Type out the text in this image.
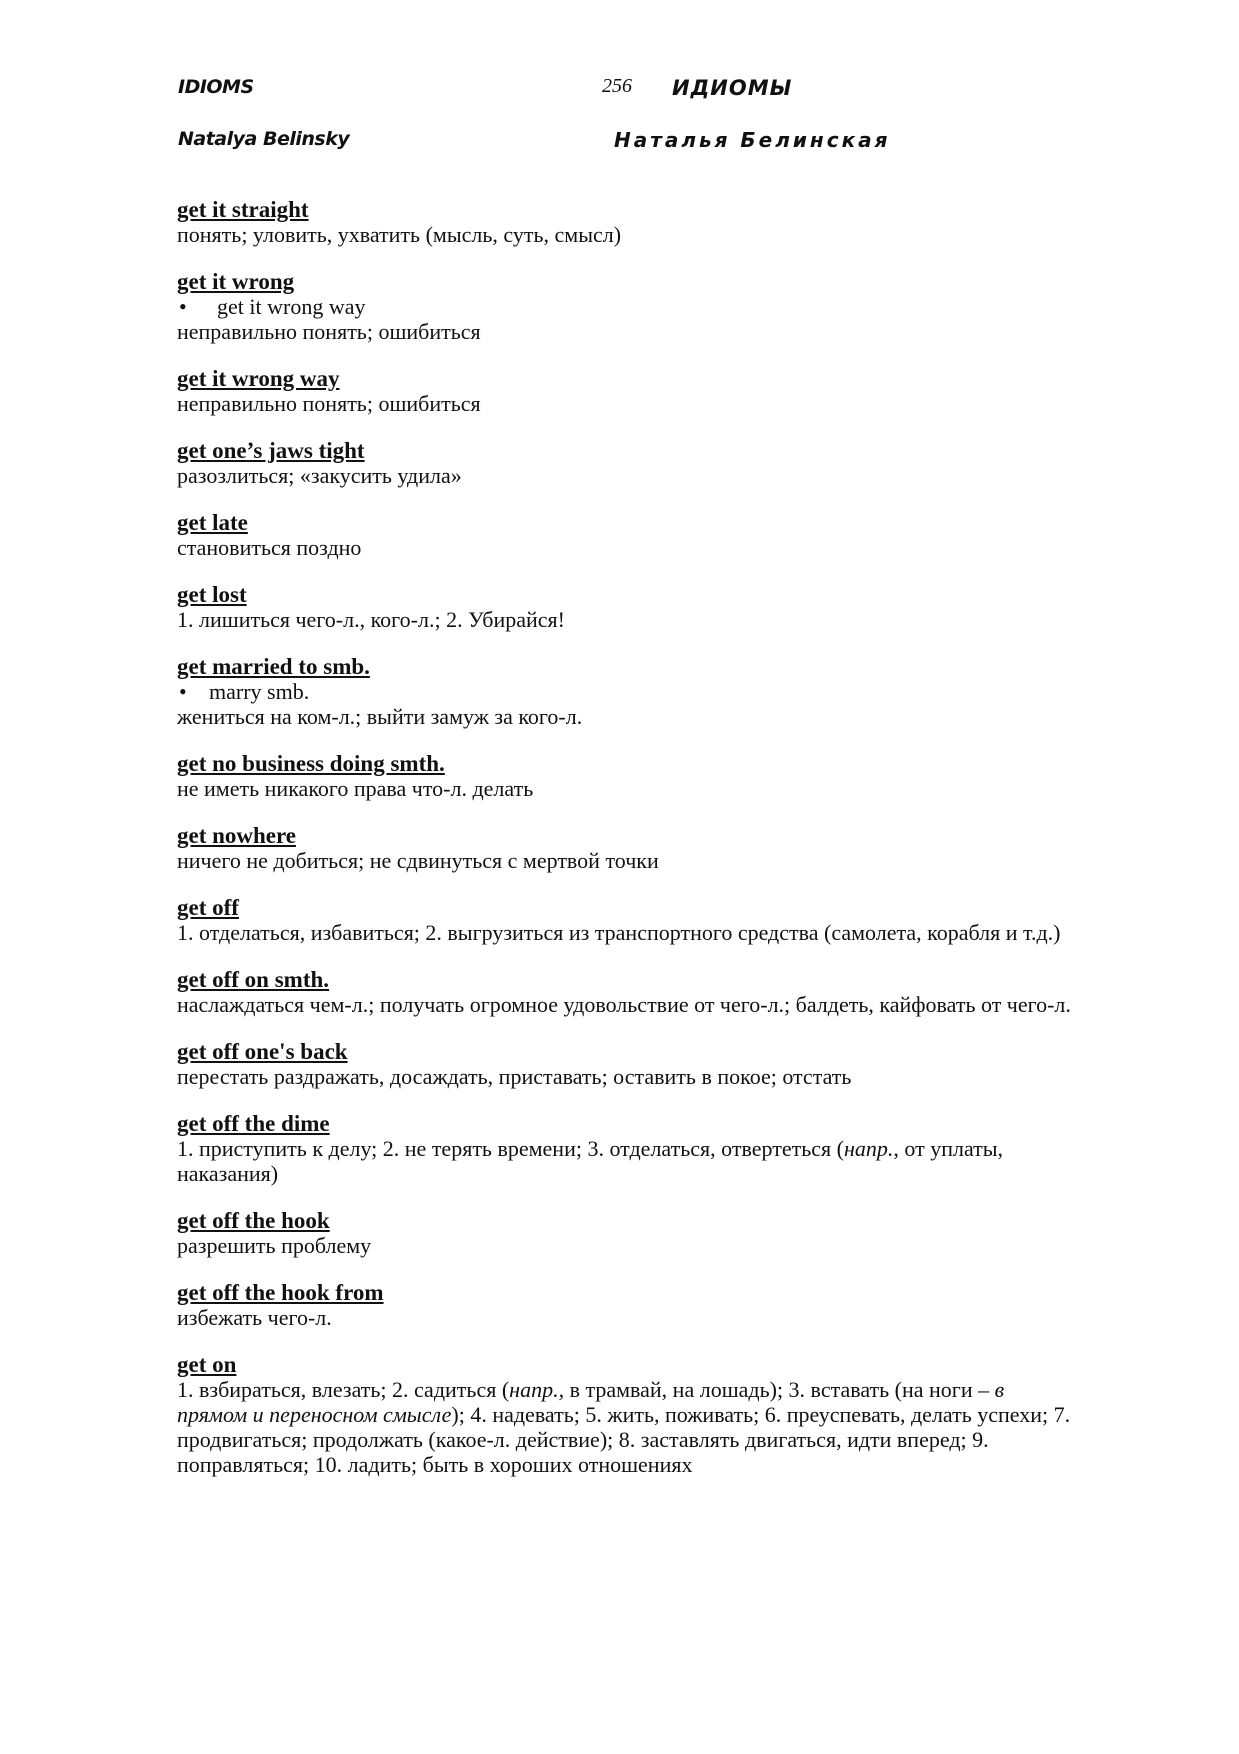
IDIOMS
Natalya Belinsky
256 ИДИОМЫ
Наталья Белинская

get it straight

понять; уловить, ухватить (мысль, суть, смысл)

get it wrong

•	get it wrong way

неправильно понять; ошибиться

get it wrong way

неправильно понять; ошибиться

get one’s jaws tight

разозлиться; «закусить удила»

get late

становиться поздно

get lost

1. лишиться чего-л., кого-л.; 2. Убирайся!

get married to smb.

•	marry smb.

жениться на ком-л.; выйти замуж за кого-л.

get no business doing smth.

не иметь никакого права что-л. делать

get nowhere

ничего не добиться; не сдвинуться с мертвой точки

get off

1. отделаться, избавиться; 2. выгрузиться из транспортного средства (самолета, корабля и т.д.)

get off on smth.

наслаждаться чем-л.; получать огромное удовольствие от чего-л.; балдеть, кайфовать от чего-л.

get off one's back

перестать раздражать, досаждать, приставать; оставить в покое; отстать

get off the dime

1. приступить к делу; 2. не терять времени; 3. отделаться, отвертеться (напр., от уплаты, наказания)

get off the hook

разрешить проблему

get off the hook from

избежать чего-л.

get on

1. взбираться, влезать; 2. садиться (напр., в трамвай, на лошадь); 3. вставать (на ноги – в прямом и переносном смысле); 4. надевать; 5. жить, поживать; 6. преуспевать, делать успехи; 7. продвигаться; продолжать (какое-л. действие); 8. заставлять двигаться, идти вперед; 9. поправляться; 10. ладить; быть в хороших отношениях
